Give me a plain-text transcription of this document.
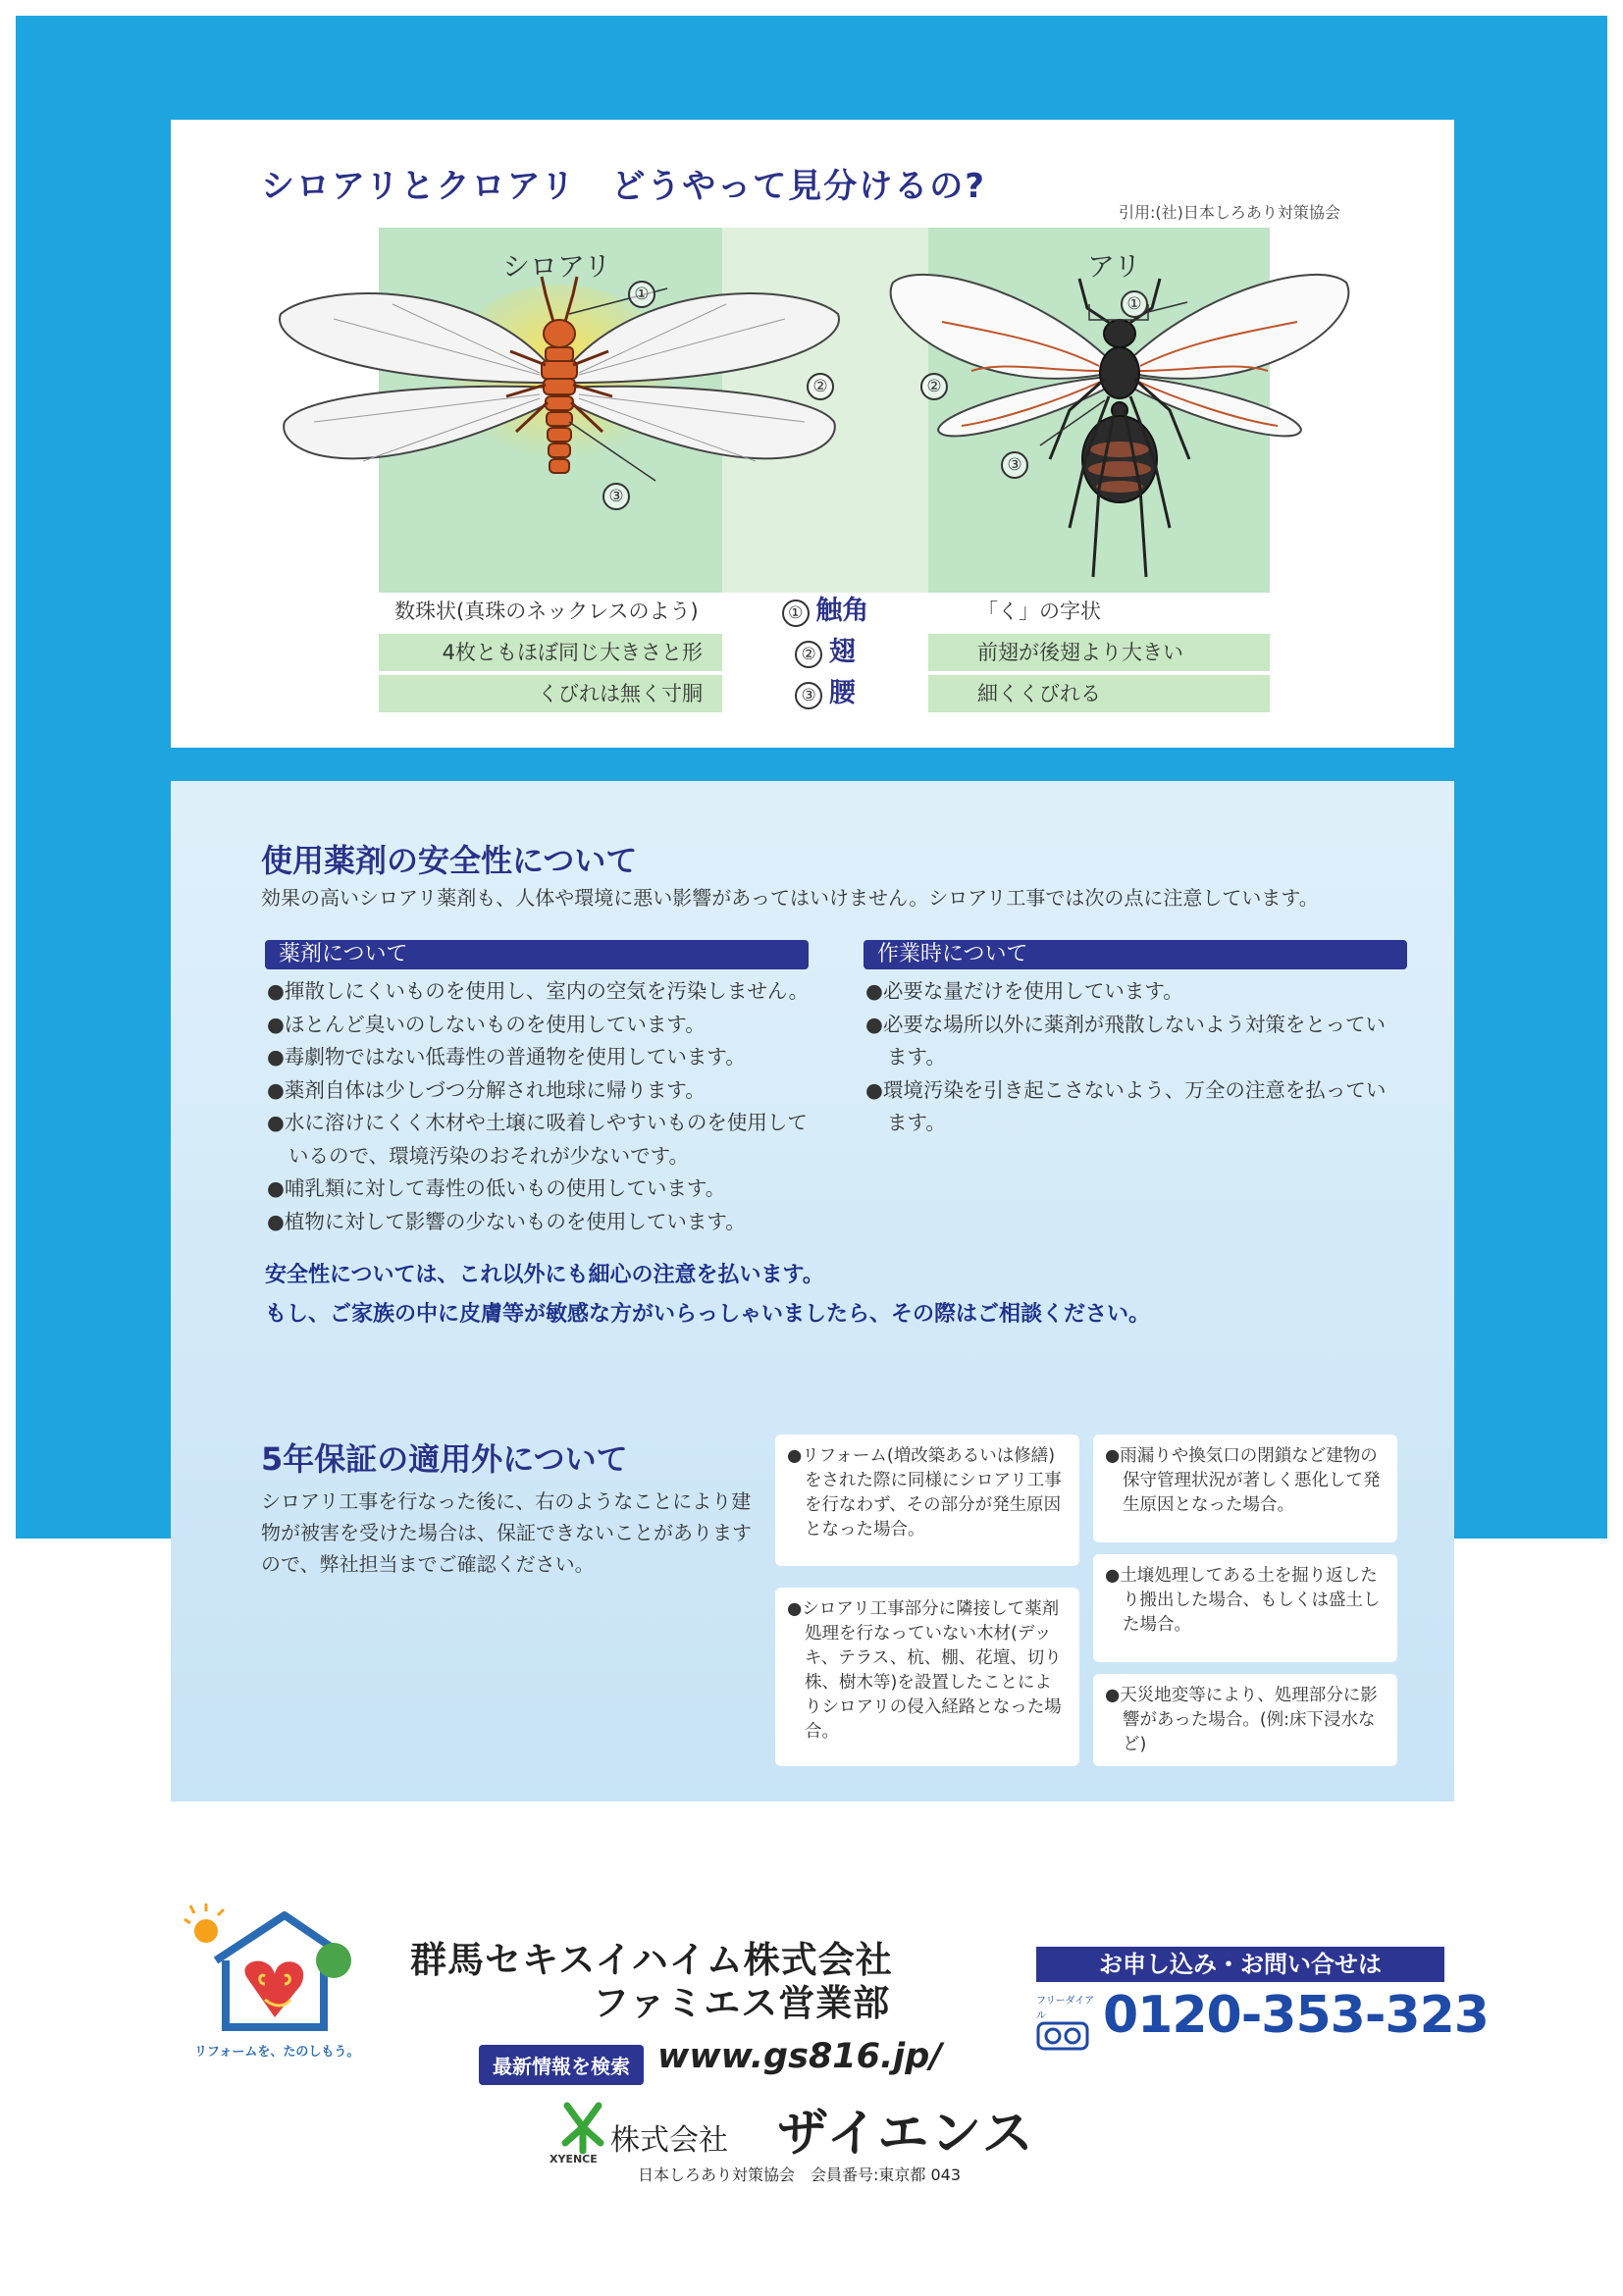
シロアリとクロアリ　どうやって見分けるの?
引用:(社)日本しろあり対策協会
シロアリ	アリ
①
②
③
①
②
③
数珠状(真珠のネックレスのよう)	① 触角	「く」の字状
4枚ともほぼ同じ大きさと形	② 翅	前翅が後翅より大きい
くびれは無く寸胴	③ 腰	細くくびれる
使用薬剤の安全性について
効果の高いシロアリ薬剤も、人体や環境に悪い影響があってはいけません。シロアリ工事では次の点に注意しています。
薬剤について
●揮散しにくいものを使用し、室内の空気を汚染しません。
●ほとんど臭いのしないものを使用しています。
●毒劇物ではない低毒性の普通物を使用しています。
●薬剤自体は少しづつ分解され地球に帰ります。
●水に溶けにくく木材や土壌に吸着しやすいものを使用しているので、環境汚染のおそれが少ないです。
●哺乳類に対して毒性の低いもの使用しています。
●植物に対して影響の少ないものを使用しています。
作業時について
●必要な量だけを使用しています。
●必要な場所以外に薬剤が飛散しないよう対策をとっています。
●環境汚染を引き起こさないよう、万全の注意を払っています。
安全性については、これ以外にも細心の注意を払います。
もし、ご家族の中に皮膚等が敏感な方がいらっしゃいましたら、その際はご相談ください。
5年保証の適用外について
シロアリ工事を行なった後に、右のようなことにより建物が被害を受けた場合は、保証できないことがありますので、弊社担当までご確認ください。
●リフォーム(増改築あるいは修繕)をされた際に同様にシロアリ工事を行なわず、その部分が発生原因となった場合。
●シロアリ工事部分に隣接して薬剤処理を行なっていない木材(デッキ、テラス、杭、棚、花壇、切り株、樹木等)を設置したことによりシロアリの侵入経路となった場合。
●雨漏りや換気口の閉鎖など建物の保守管理状況が著しく悪化して発生原因となった場合。
●土壌処理してある土を掘り返したり搬出した場合、もしくは盛土した場合。
●天災地変等により、処理部分に影響があった場合。(例:床下浸水など)
リフォームを、たのしもう。
群馬セキスイハイム株式会社
ファミエス営業部
最新情報を検索 www.gs816.jp/
お申し込み・お問い合せは
フリーダイアル	0120-353-323
XYENCE
株式会社 ザイエンス
日本しろあり対策協会　会員番号:東京都 043
